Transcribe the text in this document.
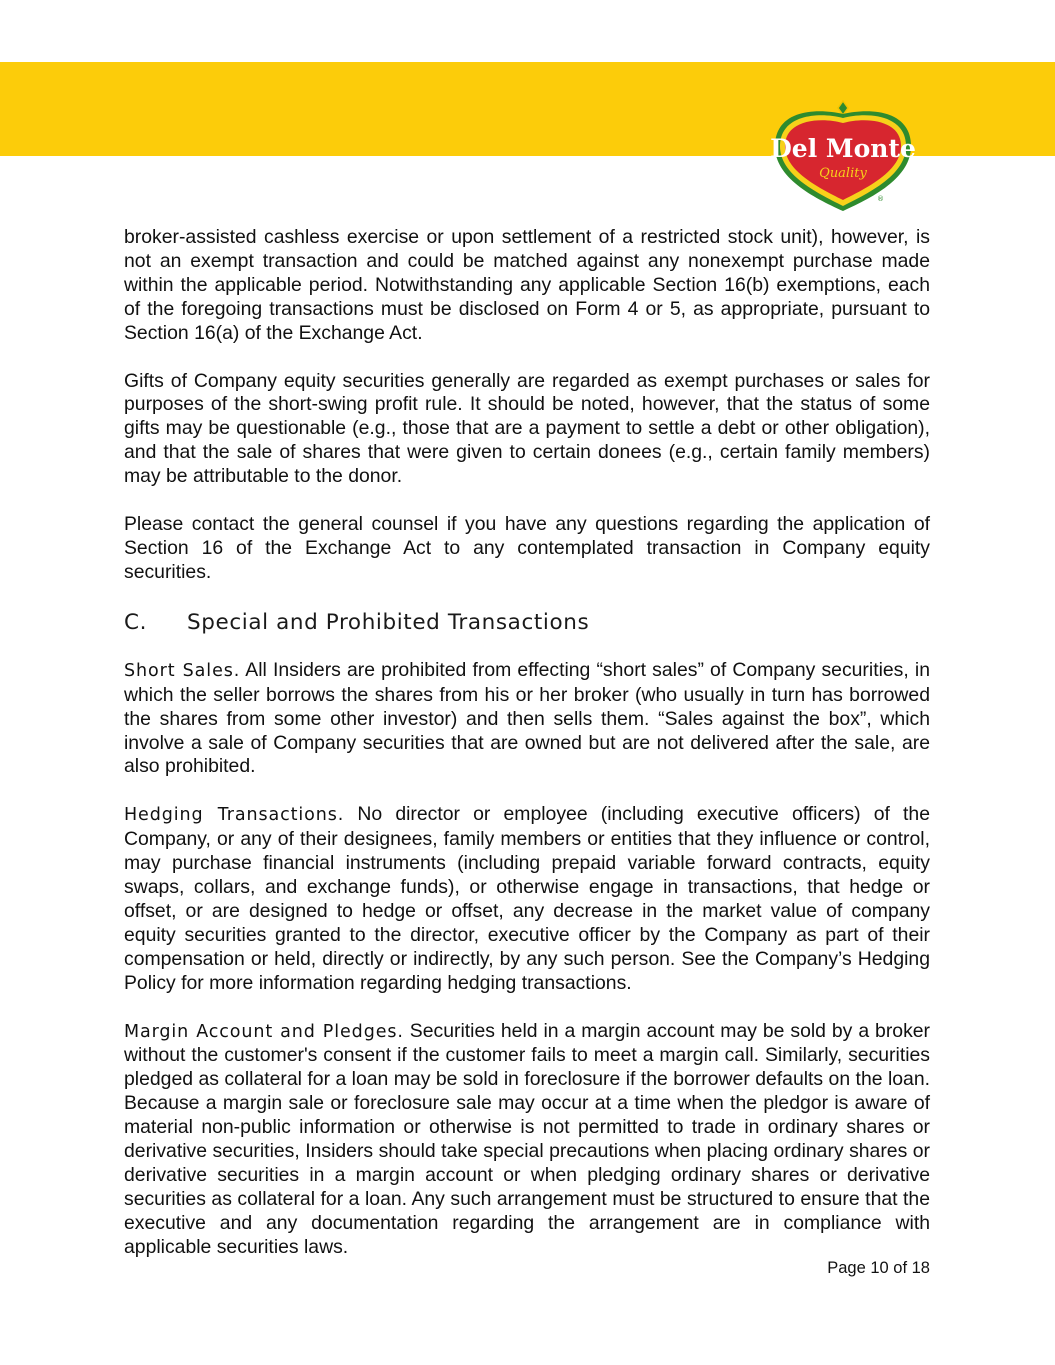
Del Monte
Quality
®

broker-assisted cashless exercise or upon settlement of a restricted stock unit), however, is not an exempt transaction and could be matched against any nonexempt purchase made within the applicable period. Notwithstanding any applicable Section 16(b) exemptions, each of the foregoing transactions must be disclosed on Form 4 or 5, as appropriate, pursuant to Section 16(a) of the Exchange Act.

Gifts of Company equity securities generally are regarded as exempt purchases or sales for purposes of the short-swing profit rule. It should be noted, however, that the status of some gifts may be questionable (e.g., those that are a payment to settle a debt or other obligation), and that the sale of shares that were given to certain donees (e.g., certain family members) may be attributable to the donor.

Please contact the general counsel if you have any questions regarding the application of Section 16 of the Exchange Act to any contemplated transaction in Company equity securities.

C.	Special and Prohibited Transactions

Short Sales. All Insiders are prohibited from effecting “short sales” of Company securities, in which the seller borrows the shares from his or her broker (who usually in turn has borrowed the shares from some other investor) and then sells them. “Sales against the box”, which involve a sale of Company securities that are owned but are not delivered after the sale, are also prohibited.

Hedging Transactions. No director or employee (including executive officers) of the Company, or any of their designees, family members or entities that they influence or control, may purchase financial instruments (including prepaid variable forward contracts, equity swaps, collars, and exchange funds), or otherwise engage in transactions, that hedge or offset, or are designed to hedge or offset, any decrease in the market value of company equity securities granted to the director, executive officer by the Company as part of their compensation or held, directly or indirectly, by any such person. See the Company’s Hedging Policy for more information regarding hedging transactions.

Margin Account and Pledges. Securities held in a margin account may be sold by a broker without the customer's consent if the customer fails to meet a margin call. Similarly, securities pledged as collateral for a loan may be sold in foreclosure if the borrower defaults on the loan. Because a margin sale or foreclosure sale may occur at a time when the pledgor is aware of material non-public information or otherwise is not permitted to trade in ordinary shares or derivative securities, Insiders should take special precautions when placing ordinary shares or derivative securities in a margin account or when pledging ordinary shares or derivative securities as collateral for a loan. Any such arrangement must be structured to ensure that the executive and any documentation regarding the arrangement are in compliance with applicable securities laws.

Page 10 of 18
